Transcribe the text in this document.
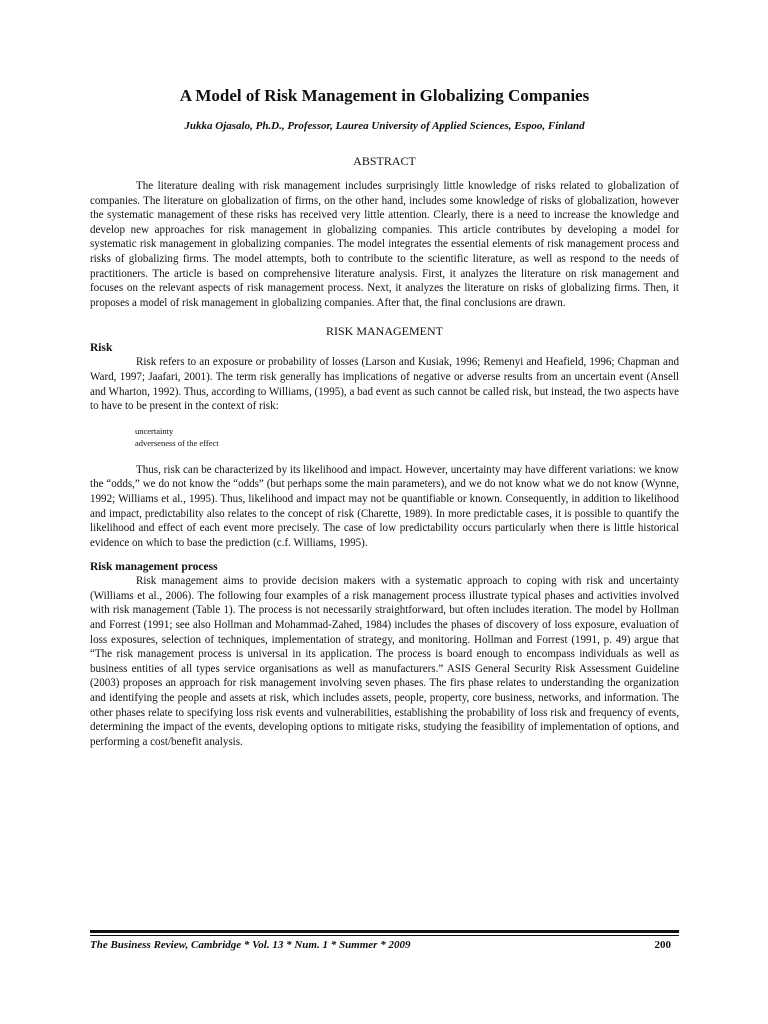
A Model of Risk Management in Globalizing Companies
Jukka Ojasalo, Ph.D., Professor, Laurea University of Applied Sciences, Espoo, Finland
ABSTRACT

The literature dealing with risk management includes surprisingly little knowledge of risks related to globalization of companies. The literature on globalization of firms, on the other hand, includes some knowledge of risks of globalization, however the systematic management of these risks has received very little attention. Clearly, there is a need to increase the knowledge and develop new approaches for risk management in globalizing companies. This article contributes by developing a model for systematic risk management in globalizing companies. The model integrates the essential elements of risk management process and risks of globalizing firms. The model attempts, both to contribute to the scientific literature, as well as respond to the needs of practitioners. The article is based on comprehensive literature analysis. First, it analyzes the literature on risk management and focuses on the relevant aspects of risk management process. Next, it analyzes the literature on risks of globalizing firms. Then, it proposes a model of risk management in globalizing companies. After that, the final conclusions are drawn.

RISK MANAGEMENT
Risk

Risk refers to an exposure or probability of losses (Larson and Kusiak, 1996; Remenyi and Heafield, 1996; Chapman and Ward, 1997; Jaafari, 2001). The term risk generally has implications of negative or adverse results from an uncertain event (Ansell and Wharton, 1992). Thus, according to Williams, (1995), a bad event as such cannot be called risk, but instead, the two aspects have to have to be present in the context of risk:

uncertainty
adverseness of the effect

Thus, risk can be characterized by its likelihood and impact. However, uncertainty may have different variations: we know the “odds,” we do not know the “odds” (but perhaps some the main parameters), and we do not know what we do not know (Wynne, 1992; Williams et al., 1995). Thus, likelihood and impact may not be quantifiable or known. Consequently, in addition to likelihood and impact, predictability also relates to the concept of risk (Charette, 1989). In more predictable cases, it is possible to quantify the likelihood and effect of each event more precisely. The case of low predictability occurs particularly when there is little historical evidence on which to base the prediction (c.f. Williams, 1995).

Risk management process

Risk management aims to provide decision makers with a systematic approach to coping with risk and uncertainty (Williams et al., 2006). The following four examples of a risk management process illustrate typical phases and activities involved with risk management (Table 1). The process is not necessarily straightforward, but often includes iteration. The model by Hollman and Forrest (1991; see also Hollman and Mohammad-Zahed, 1984) includes the phases of discovery of loss exposure, evaluation of loss exposures, selection of techniques, implementation of strategy, and monitoring. Hollman and Forrest (1991, p. 49) argue that “The risk management process is universal in its application. The process is board enough to encompass individuals as well as business entities of all types service organisations as well as manufacturers.” ASIS General Security Risk Assessment Guideline (2003) proposes an approach for risk management involving seven phases. The firs phase relates to understanding the organization and identifying the people and assets at risk, which includes assets, people, property, core business, networks, and information. The other phases relate to specifying loss risk events and vulnerabilities, establishing the probability of loss risk and frequency of events, determining the impact of the events, developing options to mitigate risks, studying the feasibility of implementation of options, and performing a cost/benefit analysis.

The Business Review, Cambridge * Vol. 13 * Num. 1 * Summer * 2009	200
